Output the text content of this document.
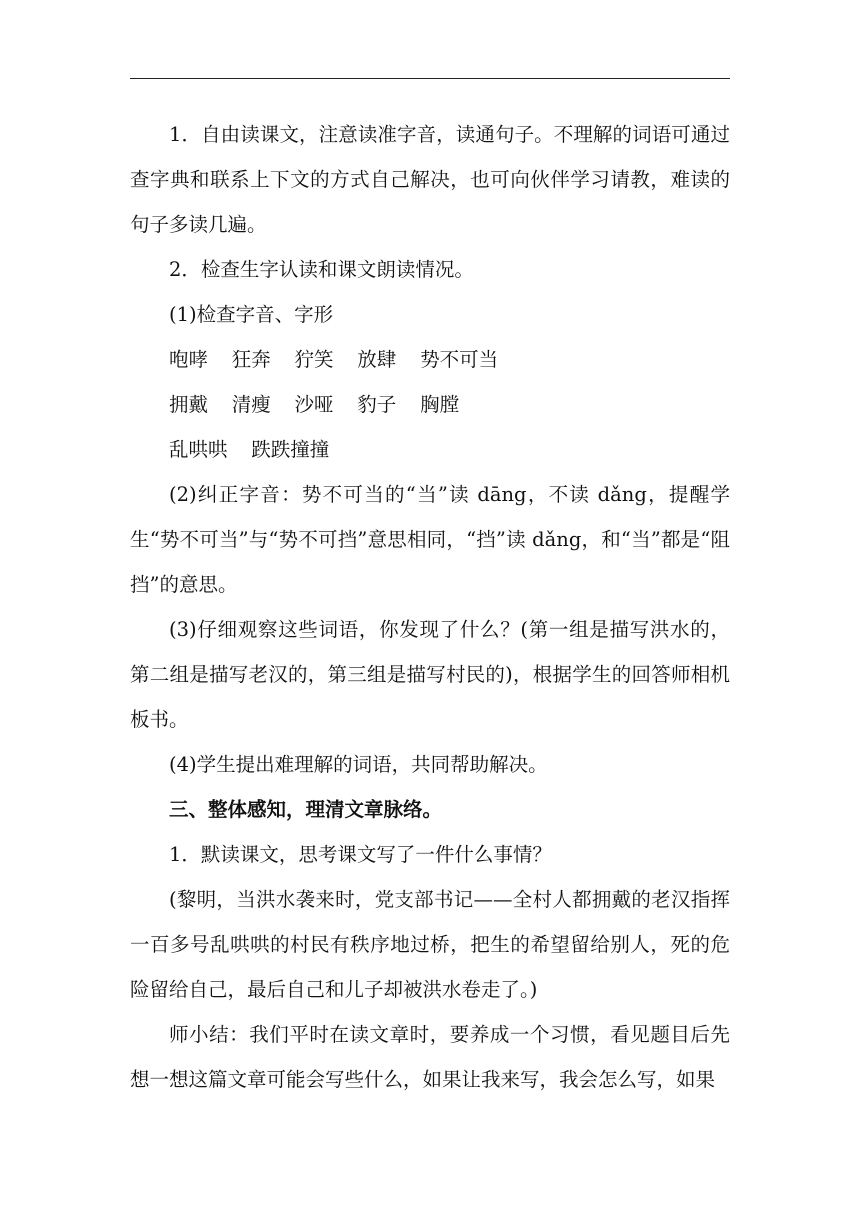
1．自由读课文，注意读准字音，读通句子。不理解的词语可通过查字典和联系上下文的方式自己解决，也可向伙伴学习请教，难读的句子多读几遍。

2．检查生字认读和课文朗读情况。

(1)检查字音、字形

咆哮 狂奔 狞笑 放肆 势不可当

拥戴 清瘦 沙哑 豹子 胸膛

乱哄哄 跌跌撞撞

(2)纠正字音：势不可当的“当”读 dāng，不读 dǎng，提醒学生“势不可当”与“势不可挡”意思相同，“挡”读 dǎng，和“当”都是“阻挡”的意思。

(3)仔细观察这些词语，你发现了什么？(第一组是描写洪水的，第二组是描写老汉的，第三组是描写村民的)，根据学生的回答师相机板书。

(4)学生提出难理解的词语，共同帮助解决。

三、整体感知，理清文章脉络。

1．默读课文，思考课文写了一件什么事情？

(黎明，当洪水袭来时，党支部书记——全村人都拥戴的老汉指挥一百多号乱哄哄的村民有秩序地过桥，把生的希望留给别人，死的危险留给自己，最后自己和儿子却被洪水卷走了。)

师小结：我们平时在读文章时，要养成一个习惯，看见题目后先想一想这篇文章可能会写些什么，如果让我来写，我会怎么写，如果
